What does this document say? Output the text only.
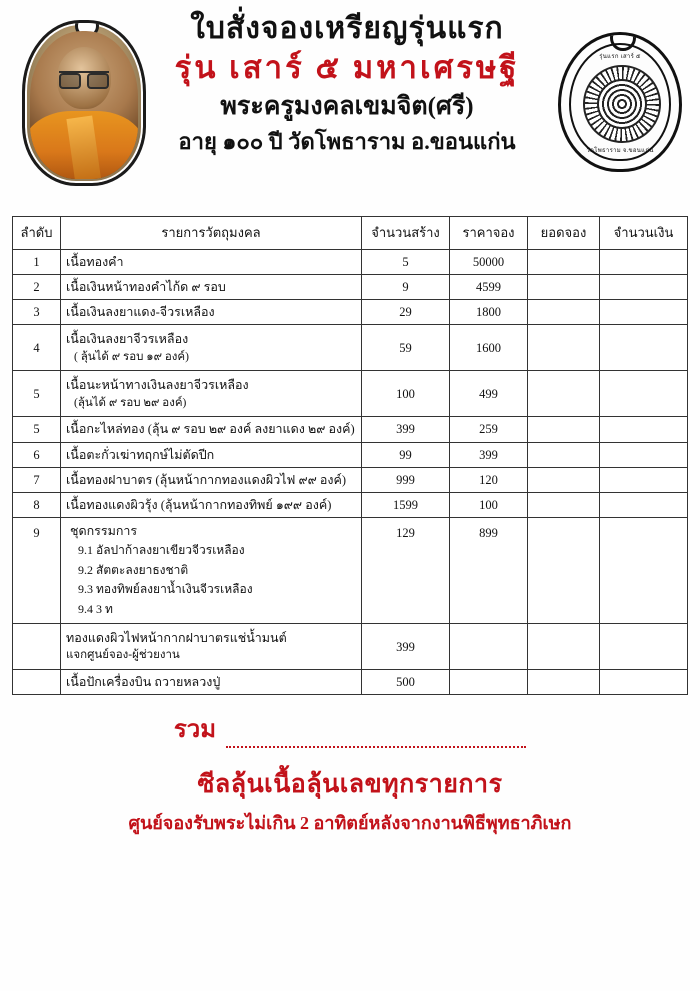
ใบสั่งจองเหรียญรุ่นแรก
รุ่น เสาร์ ๕ มหาเศรษฐี
พระครูมงคลเขมจิต(ศรี)
อายุ ๑๐๐ ปี วัดโพธาราม อ.ขอนแก่น
รุ่นแรก เสาร์ ๕
วัดโพธาราม จ.ขอนแก่น
ลำดับ	รายการวัตถุมงคล	จำนวนสร้าง	ราคาจอง	ยอดจอง	จำนวนเงิน
1	เนื้อทองคำ	5	50000		
2	เนื้อเงินหน้าทองคำไก้ด ๙ รอบ	9	4599		
3	เนื้อเงินลงยาแดง-จีวรเหลือง	29	1800		
4	เนื้อเงินลงยาจีวรเหลือง
( ลุ้นได้ ๙ รอบ ๑๙ องค์)	59	1600		
5	เนื้อนะหน้าทางเงินลงยาจีวรเหลือง
(ลุ้นได้ ๙ รอบ ๒๙ องค์)	100	499		
5	เนื้อกะไหล่ทอง (ลุ้น ๙ รอบ ๒๙ องค์ ลงยาแดง ๒๙ องค์)	399	259		
6	เนื้อตะกั่วเฆ่าทฤกษ์ไม่ตัดปีก	99	399		
7	เนื้อทองฝาบาตร (ลุ้นหน้ากากทองแดงผิวไฟ ๙๙ องค์)	999	120		
8	เนื้อทองแดงผิวรุ้ง (ลุ้นหน้ากากทองทิพย์ ๑๙๙ องค์)	1599	100		
9	ชุดกรรมการ
9.1 อัลปาก้าลงยาเขียวจีวรเหลือง
9.2 สัตตะลงยาธงชาติ
9.3 ทองทิพย์ลงยาน้ำเงินจีวรเหลือง
9.4 3 ท	129	899		
	ทองแดงผิวไฟหน้ากากฝาบาตรแช่น้ำมนต์
แจกศูนย์จอง-ผู้ช่วยงาน	399			
	เนื้อปักเครื่องบิน ถวายหลวงปู่	500			
รวม
ซีลลุ้นเนื้อลุ้นเลขทุกรายการ
ศูนย์จองรับพระไม่เกิน 2 อาทิตย์หลังจากงานพิธีพุทธาภิเษก
